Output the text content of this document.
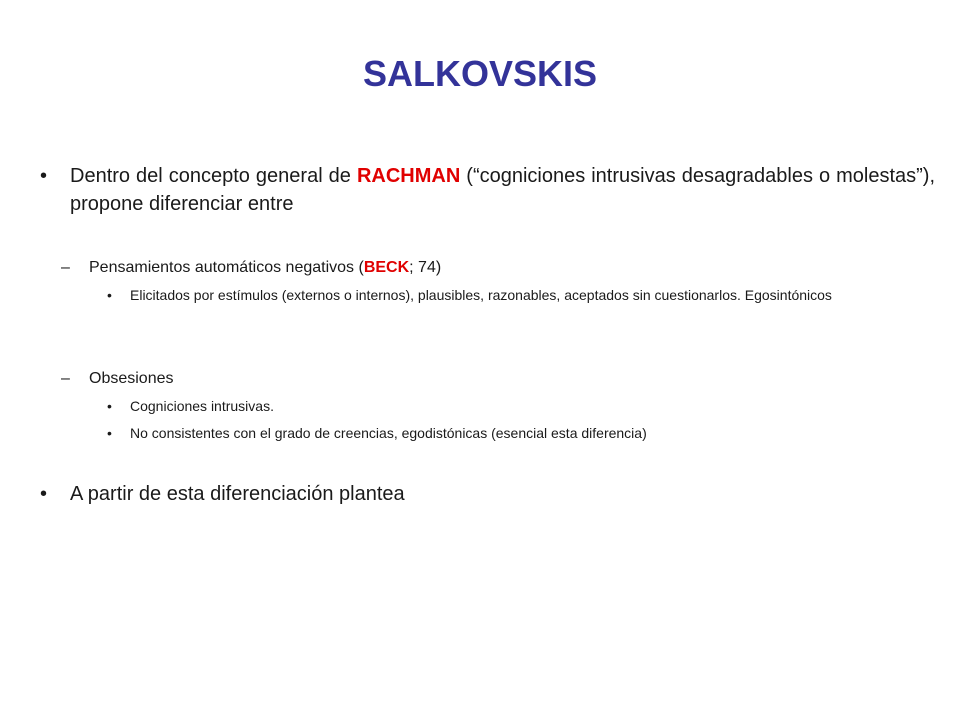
SALKOVSKIS
•	Dentro del concepto general de RACHMAN (“cogniciones intrusivas desagradables o molestas”), propone diferenciar entre
–	Pensamientos automáticos negativos (BECK; 74)
•	Elicitados por estímulos (externos o internos), plausibles, razonables, aceptados sin cuestionarlos. Egosintónicos
–	Obsesiones
•	Cogniciones intrusivas.
•	No consistentes con el grado de creencias, egodistónicas (esencial esta diferencia)
•	A partir de esta diferenciación plantea
